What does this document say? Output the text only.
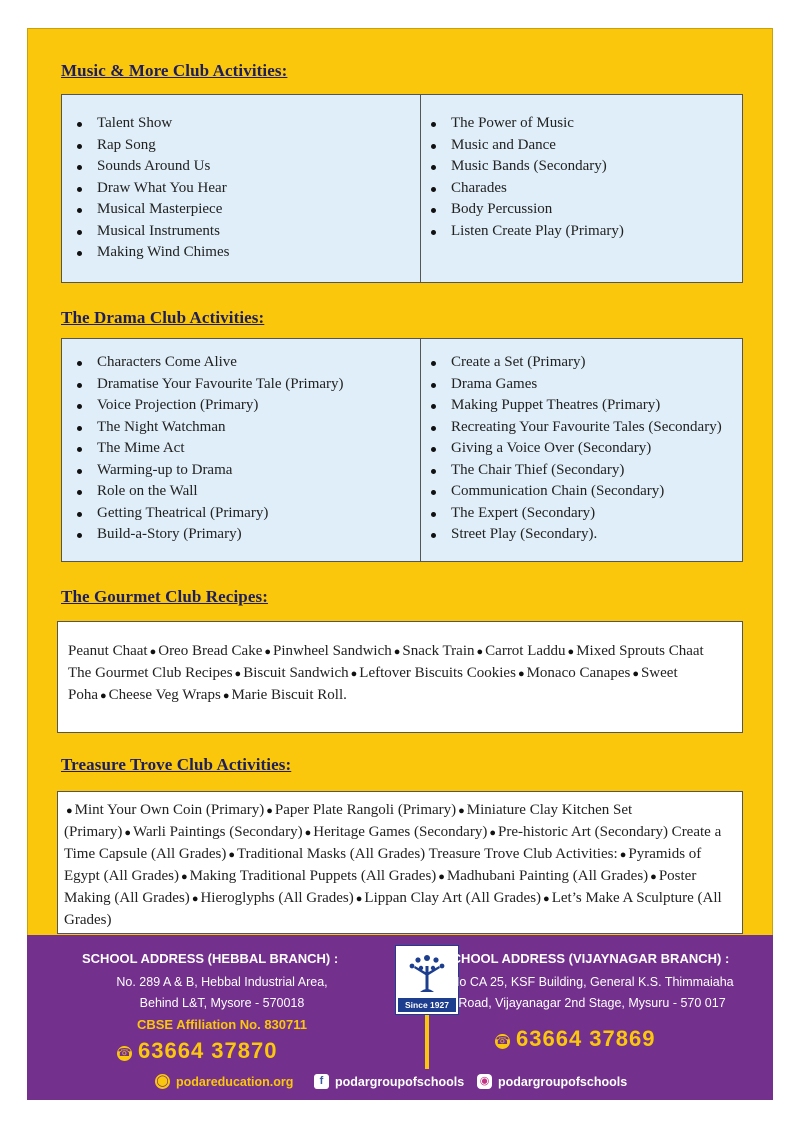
Music & More Club Activities:
Talent Show
Rap Song
Sounds Around Us
Draw What You Hear
Musical Masterpiece
Musical Instruments
Making Wind Chimes
The Power of Music
Music and Dance
Music Bands (Secondary)
Charades
Body Percussion
Listen Create Play (Primary)
The Drama Club Activities:
Characters Come Alive
Dramatise Your Favourite Tale (Primary)
Voice Projection (Primary)
The Night Watchman
The Mime Act
Warming-up to Drama
Role on the Wall
Getting Theatrical (Primary)
Build-a-Story (Primary)
Create a Set (Primary)
Drama Games
Making Puppet Theatres (Primary)
Recreating Your Favourite Tales (Secondary)
Giving a Voice Over (Secondary)
The Chair Thief (Secondary)
Communication Chain (Secondary)
The Expert (Secondary)
Street Play (Secondary).
The Gourmet Club Recipes:
Peanut Chaat ● Oreo Bread Cake ● Pinwheel Sandwich ● Snack Train ● Carrot Laddu ● Mixed Sprouts Chaat The Gourmet Club Recipes ● Biscuit Sandwich ● Leftover Biscuits Cookies ● Monaco Canapes ● Sweet Poha ● Cheese Veg Wraps ● Marie Biscuit Roll.
Treasure Trove Club Activities:
● Mint Your Own Coin (Primary) ● Paper Plate Rangoli (Primary) ● Miniature Clay Kitchen Set (Primary) ● Warli Paintings (Secondary) ● Heritage Games (Secondary) ● Pre-historic Art (Secondary) Create a Time Capsule (All Grades) ● Traditional Masks (All Grades) Treasure Trove Club Activities: ● Pyramids of Egypt (All Grades) ● Making Traditional Puppets (All Grades) ● Madhubani Painting (All Grades) ● Poster Making (All Grades) ● Hieroglyphs (All Grades) ● Lippan Clay Art (All Grades) ● Let’s Make A Sculpture (All Grades)
SCHOOL ADDRESS (HEBBAL BRANCH) :
No. 289 A & B, Hebbal Industrial Area,
Behind L&T, Mysore - 570018
CBSE Affiliation No. 830711
☎ 63664 37870
Since 1927
SCHOOL ADDRESS (VIJAYNAGAR BRANCH) :
No CA 25, KSF Building, General K.S. Thimmaiaha
Road, Vijayanagar 2nd Stage, Mysuru - 570 017
☎ 63664 37869
◯ podareducation.org	f podargroupofschools ◉ podargroupofschools
